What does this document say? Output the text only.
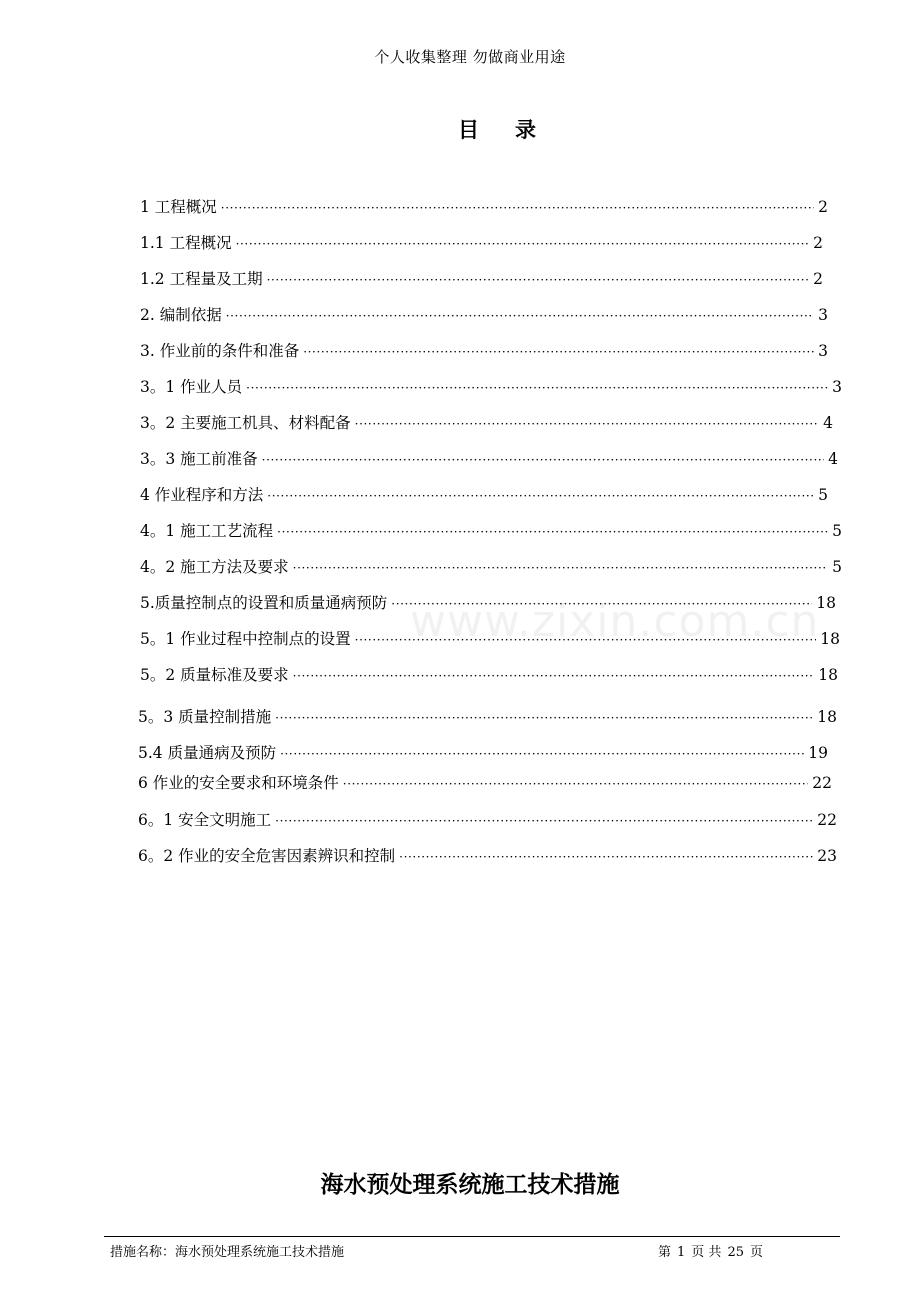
个人收集整理 勿做商业用途
目 录
1 工程概况 ·····	2
1.1 工程概况 ·····	2
1.2 工程量及工期 ·····	2
2. 编制依据 ·····	3
3. 作业前的条件和准备 ·····	3
3。1 作业人员 ·····	3
3。2 主要施工机具、材料配备 ·····	4
3。3 施工前准备 ·····	4
4 作业程序和方法 ·····	5
4。1 施工工艺流程 ·····	5
4。2 施工方法及要求 ·····	5
5.质量控制点的设置和质量通病预防 ·····	18
5。1 作业过程中控制点的设置 ·····	18
5。2 质量标准及要求 ·····	18
5。3 质量控制措施 ·····	18
5.4 质量通病及预防 ·····	19
6 作业的安全要求和环境条件 ·····	22
6。1 安全文明施工 ·····	22
6。2 作业的安全危害因素辨识和控制 ·····	23
www.zixin.com.cn
海水预处理系统施工技术措施
措施名称：海水预处理系统施工技术措施	第 1 页 共 25 页
